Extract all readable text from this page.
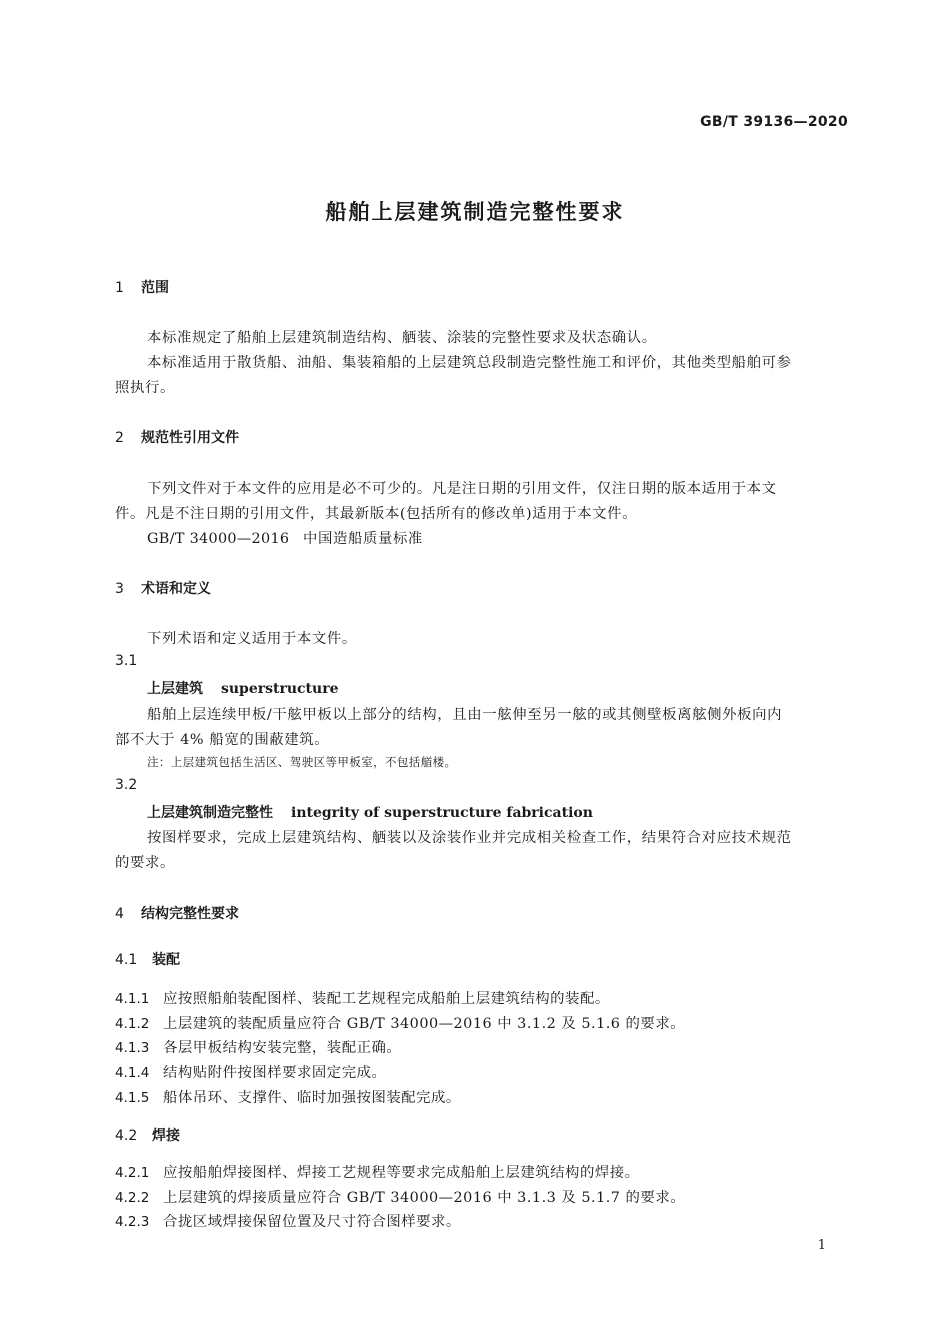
GB/T 39136—2020
船舶上层建筑制造完整性要求
1 范围
本标准规定了船舶上层建筑制造结构、舾装、涂装的完整性要求及状态确认。
本标准适用于散货船、油船、集装箱船的上层建筑总段制造完整性施工和评价，其他类型船舶可参
照执行。
2 规范性引用文件
下列文件对于本文件的应用是必不可少的。凡是注日期的引用文件，仅注日期的版本适用于本文
件。凡是不注日期的引用文件，其最新版本(包括所有的修改单)适用于本文件。
GB/T 34000—2016 中国造船质量标准
3 术语和定义
下列术语和定义适用于本文件。
3.1
上层建筑 superstructure
船舶上层连续甲板/干舷甲板以上部分的结构，且由一舷伸至另一舷的或其侧壁板离舷侧外板向内
部不大于 4% 船宽的围蔽建筑。
注：上层建筑包括生活区、驾驶区等甲板室，不包括艏楼。
3.2
上层建筑制造完整性 integrity of superstructure fabrication
按图样要求，完成上层建筑结构、舾装以及涂装作业并完成相关检查工作，结果符合对应技术规范
的要求。
4 结构完整性要求
4.1 装配
4.1.1 应按照船舶装配图样、装配工艺规程完成船舶上层建筑结构的装配。
4.1.2 上层建筑的装配质量应符合 GB/T 34000—2016 中 3.1.2 及 5.1.6 的要求。
4.1.3 各层甲板结构安装完整，装配正确。
4.1.4 结构贴附件按图样要求固定完成。
4.1.5 船体吊环、支撑件、临时加强按图装配完成。
4.2 焊接
4.2.1 应按船舶焊接图样、焊接工艺规程等要求完成船舶上层建筑结构的焊接。
4.2.2 上层建筑的焊接质量应符合 GB/T 34000—2016 中 3.1.3 及 5.1.7 的要求。
4.2.3 合拢区域焊接保留位置及尺寸符合图样要求。
1
